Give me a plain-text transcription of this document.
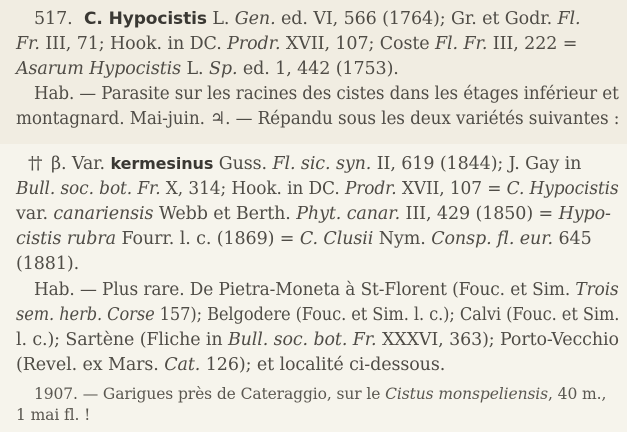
517. C. Hypocistis L. Gen. ed. VI, 566 (1764); Gr. et Godr. Fl.
Fr. III, 71; Hook. in DC. Prodr. XVII, 107; Coste Fl. Fr. III, 222 =
Asarum Hypocistis L. Sp. ed. 1, 442 (1753).
Hab. — Parasite sur les racines des cistes dans les étages inférieur et
montagnard. Mai-juin. ♃. — Répandu sous les deux variétés suivantes :
†† β. Var. kermesinus Guss. Fl. sic. syn. II, 619 (1844); J. Gay in
Bull. soc. bot. Fr. X, 314; Hook. in DC. Prodr. XVII, 107 = C. Hypocistis
var. canariensis Webb et Berth. Phyt. canar. III, 429 (1850) = Hypo-
cistis rubra Fourr. l. c. (1869) = C. Clusii Nym. Consp. fl. eur. 645
(1881).
Hab. — Plus rare. De Pietra-Moneta à St-Florent (Fouc. et Sim. Trois
sem. herb. Corse 157); Belgodere (Fouc. et Sim. l. c.); Calvi (Fouc. et Sim.
l. c.); Sartène (Fliche in Bull. soc. bot. Fr. XXXVI, 363); Porto-Vecchio
(Revel. ex Mars. Cat. 126); et localité ci-dessous.
1907. — Garigues près de Cateraggio, sur le Cistus monspeliensis, 40 m.,
1 mai fl. !
